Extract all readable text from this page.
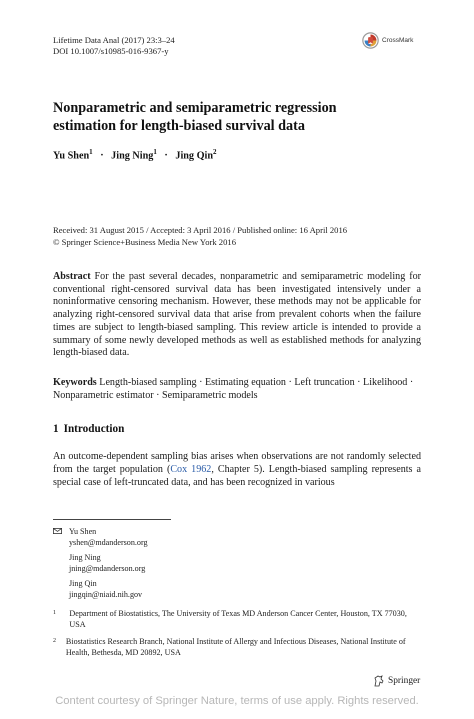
Lifetime Data Anal (2017) 23:3–24
DOI 10.1007/s10985-016-9367-y
CrossMark
Nonparametric and semiparametric regression
estimation for length-biased survival data
Yu Shen$^1$ · Jing Ning$^1$ · Jing Qin$^2$
Received: 31 August 2015 / Accepted: 3 April 2016 / Published online: 16 April 2016
© Springer Science+Business Media New York 2016
Abstract For the past several decades, nonparametric and semiparametric modeling for conventional right-censored survival data has been investigated intensively under a noninformative censoring mechanism. However, these methods may not be applicable for analyzing right-censored survival data that arise from prevalent cohorts when the failure times are subject to length-biased sampling. This review article is intended to provide a summary of some newly developed methods as well as established methods for analyzing length-biased data.
Keywords Length-biased sampling · Estimating equation · Left truncation · Likelihood · Nonparametric estimator · Semiparametric models
1 Introduction
An outcome-dependent sampling bias arises when observations are not randomly selected from the target population (Cox 1962, Chapter 5). Length-biased sampling represents a special case of left-truncated data, and has been recognized in various
Yu Shen
yshen@mdanderson.org
Jing Ning
jning@mdanderson.org
Jing Qin
jingqin@niaid.nih.gov
1	Department of Biostatistics, The University of Texas MD Anderson Cancer Center, Houston, TX 77030, USA
2	Biostatistics Research Branch, National Institute of Allergy and Infectious Diseases, National Institute of Health, Bethesda, MD 20892, USA
Springer
Content courtesy of Springer Nature, terms of use apply. Rights reserved.
